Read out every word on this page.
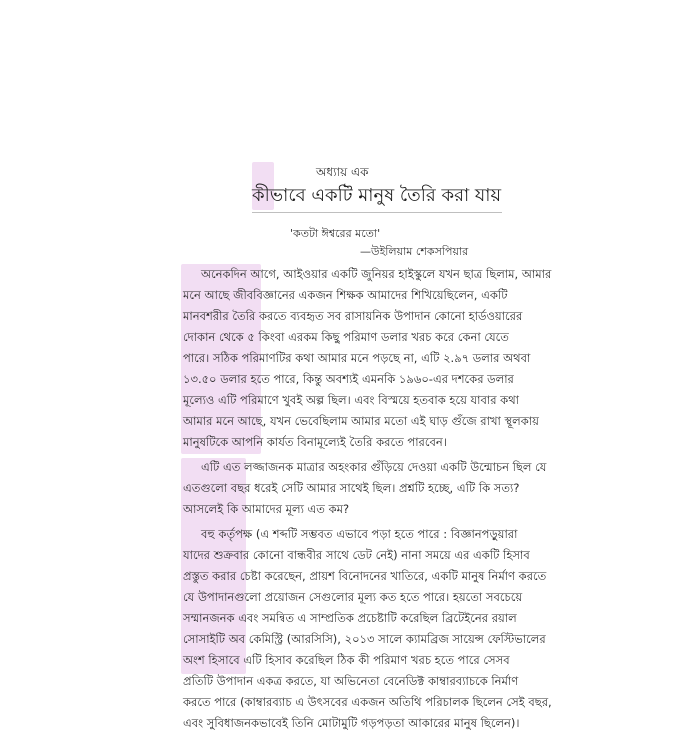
অধ্যায় এক
কীভাবে একটি মানুষ তৈরি করা যায়
'কতটা ঈশ্বরের মতো'
—উইলিয়াম শেকসপিয়ার
অনেকদিন আগে, আইওয়ার একটি জুনিয়র হাইস্কুলে যখন ছাত্র ছিলাম, আমার
মনে আছে জীববিজ্ঞানের একজন শিক্ষক আমাদের শিখিয়েছিলেন, একটি
মানবশরীর তৈরি করতে ব্যবহৃত সব রাসায়নিক উপাদান কোনো হার্ডওয়ারের
দোকান থেকে ৫ কিংবা এরকম কিছু পরিমাণ ডলার খরচ করে কেনা যেতে
পারে। সঠিক পরিমাণটির কথা আমার মনে পড়ছে না, এটি ২.৯৭ ডলার অথবা
১৩.৫০ ডলার হতে পারে, কিন্তু অবশ্যই এমনকি ১৯৬০-এর দশকের ডলার
মূল্যেও এটি পরিমাণে খুবই অল্প ছিল। এবং বিস্ময়ে হতবাক হয়ে যাবার কথা
আমার মনে আছে, যখন ভেবেছিলাম আমার মতো এই ঘাড় গুঁজে রাখা স্থূলকায়
মানুষটিকে আপনি কার্যত বিনামূল্যেই তৈরি করতে পারবেন।
এটি এত লজ্জাজনক মাত্রার অহংকার গুঁড়িয়ে দেওয়া একটি উন্মোচন ছিল যে
এতগুলো বছর ধরেই সেটি আমার সাথেই ছিল। প্রশ্নটি হচ্ছে, এটি কি সত্য?
আসলেই কি আমাদের মূল্য এত কম?
বহু কর্তৃপক্ষ (এ শব্দটি সম্ভবত এভাবে পড়া হতে পারে : বিজ্ঞানপড়ুয়ারা
যাদের শুক্রবার কোনো বান্ধবীর সাথে ডেট নেই) নানা সময়ে এর একটি হিসাব
প্রস্তুত করার চেষ্টা করেছেন, প্রায়শ বিনোদনের খাতিরে, একটি মানুষ নির্মাণ করতে
যে উপাদানগুলো প্রয়োজন সেগুলোর মূল্য কত হতে পারে। হয়তো সবচেয়ে
সম্মানজনক এবং সমন্বিত এ সাম্প্রতিক প্রচেষ্টাটি করেছিল ব্রিটেইনের রয়াল
সোসাইটি অব কেমিস্ট্রি (আরসিসি), ২০১৩ সালে ক্যামব্রিজ সায়েন্স ফেস্টিভালের
অংশ হিসাবে এটি হিসাব করেছিল ঠিক কী পরিমাণ খরচ হতে পারে সেসব
প্রতিটি উপাদান একত্র করতে, যা অভিনেতা বেনেডিক্ট কাম্বারব্যাচকে নির্মাণ
করতে পারে (কাম্বারব্যাচ এ উৎসবের একজন অতিথি পরিচালক ছিলেন সেই বছর,
এবং সুবিধাজনকভাবেই তিনি মোটামুটি গড়পড়তা আকারের মানুষ ছিলেন)।
